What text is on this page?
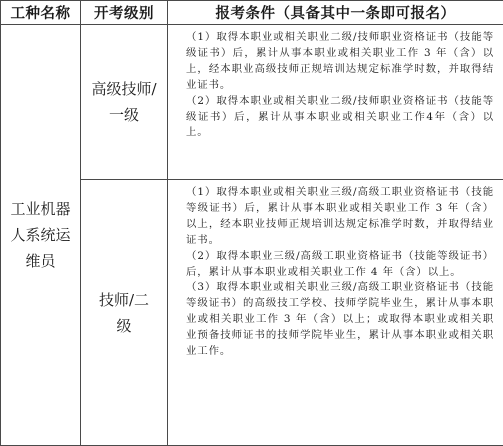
工种名称	开考级别	报考条件（具备其中一条即可报名）

工业机器人系统运维员	高级技师/一级	（1）取得本职业或相关职业二级/技师职业资格证书（技能等级证书）后，累计从事本职业或相关职业工作 3 年（含）以上，经本职业高级技师正规培训达规定标准学时数，并取得结业证书。

（2）取得本职业或相关职业二级/技师职业资格证书（技能等级证书）后，累计从事本职业或相关职业工作4年（含）以上。

	技师/二级	（1）取得本职业或相关职业三级/高级工职业资格证书（技能等级证书）后，累计从事本职业或相关职业工作 3 年（含）以上，经本职业技师正规培训达规定标准学时数，并取得结业证书。

（2）取得本职业三级/高级工职业资格证书（技能等级证书）后，累计从事本职业或相关职业工作 4 年（含）以上。

（3）取得本职业或相关职业三级/高级工职业资格证书（技能等级证书）的高级技工学校、技师学院毕业生，累计从事本职业或相关职业工作 3 年（含）以上；或取得本职业或相关职业预备技师证书的技师学院毕业生，累计从事本职业或相关职业工作。
